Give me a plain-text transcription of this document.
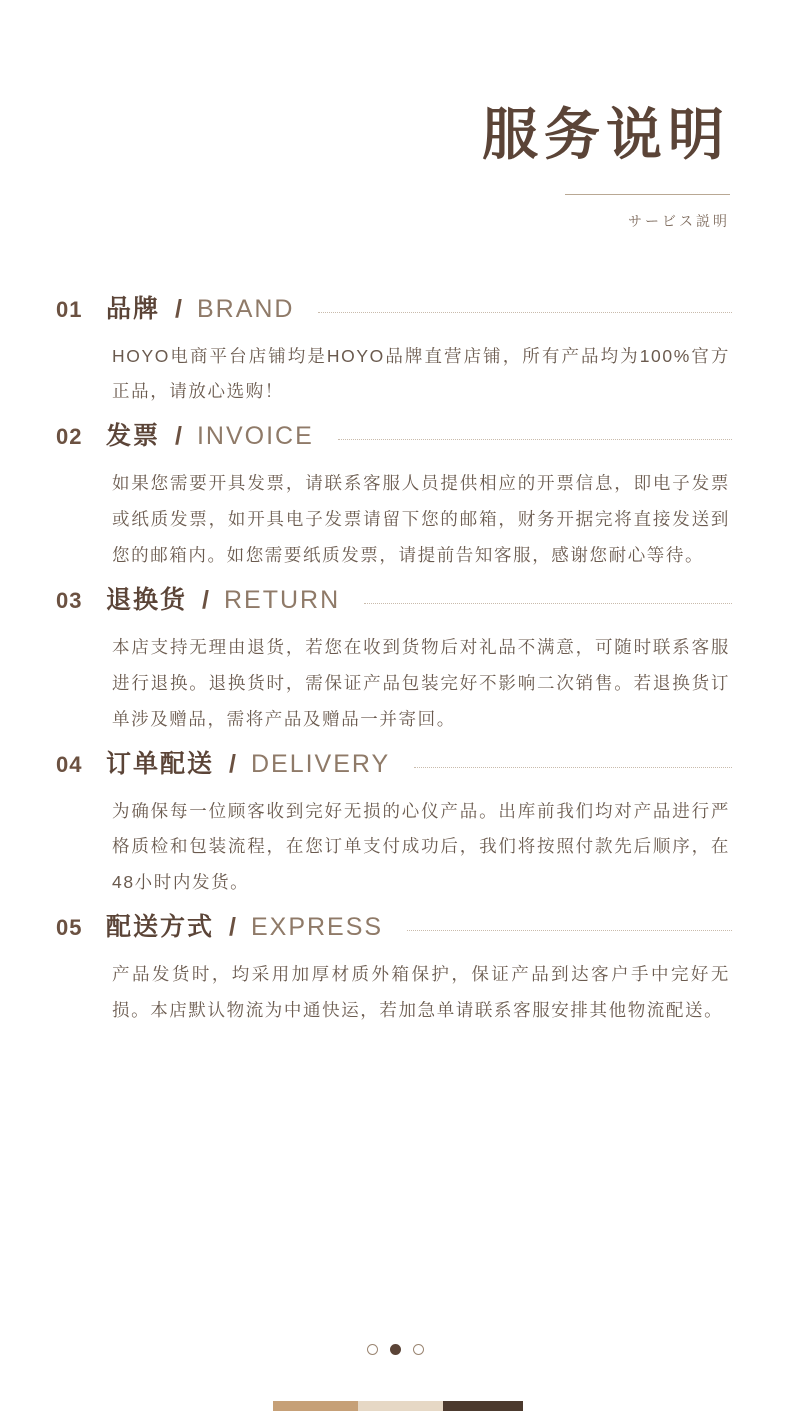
服务说明
サービス説明
01 品牌 / BRAND
HOYO电商平台店铺均是HOYO品牌直营店铺，所有产品均为100%官方正品，请放心选购！
02 发票 / INVOICE
如果您需要开具发票，请联系客服人员提供相应的开票信息，即电子发票或纸质发票，如开具电子发票请留下您的邮箱，财务开据完将直接发送到您的邮箱内。如您需要纸质发票，请提前告知客服，感谢您耐心等待。
03 退换货 / RETURN
本店支持无理由退货，若您在收到货物后对礼品不满意，可随时联系客服进行退换。退换货时，需保证产品包装完好不影响二次销售。若退换货订单涉及赠品，需将产品及赠品一并寄回。
04 订单配送 / DELIVERY
为确保每一位顾客收到完好无损的心仪产品。出库前我们均对产品进行严格质检和包装流程，在您订单支付成功后，我们将按照付款先后顺序，在48小时内发货。
05 配送方式 / EXPRESS
产品发货时，均采用加厚材质外箱保护，保证产品到达客户手中完好无损。本店默认物流为中通快运，若加急单请联系客服安排其他物流配送。
